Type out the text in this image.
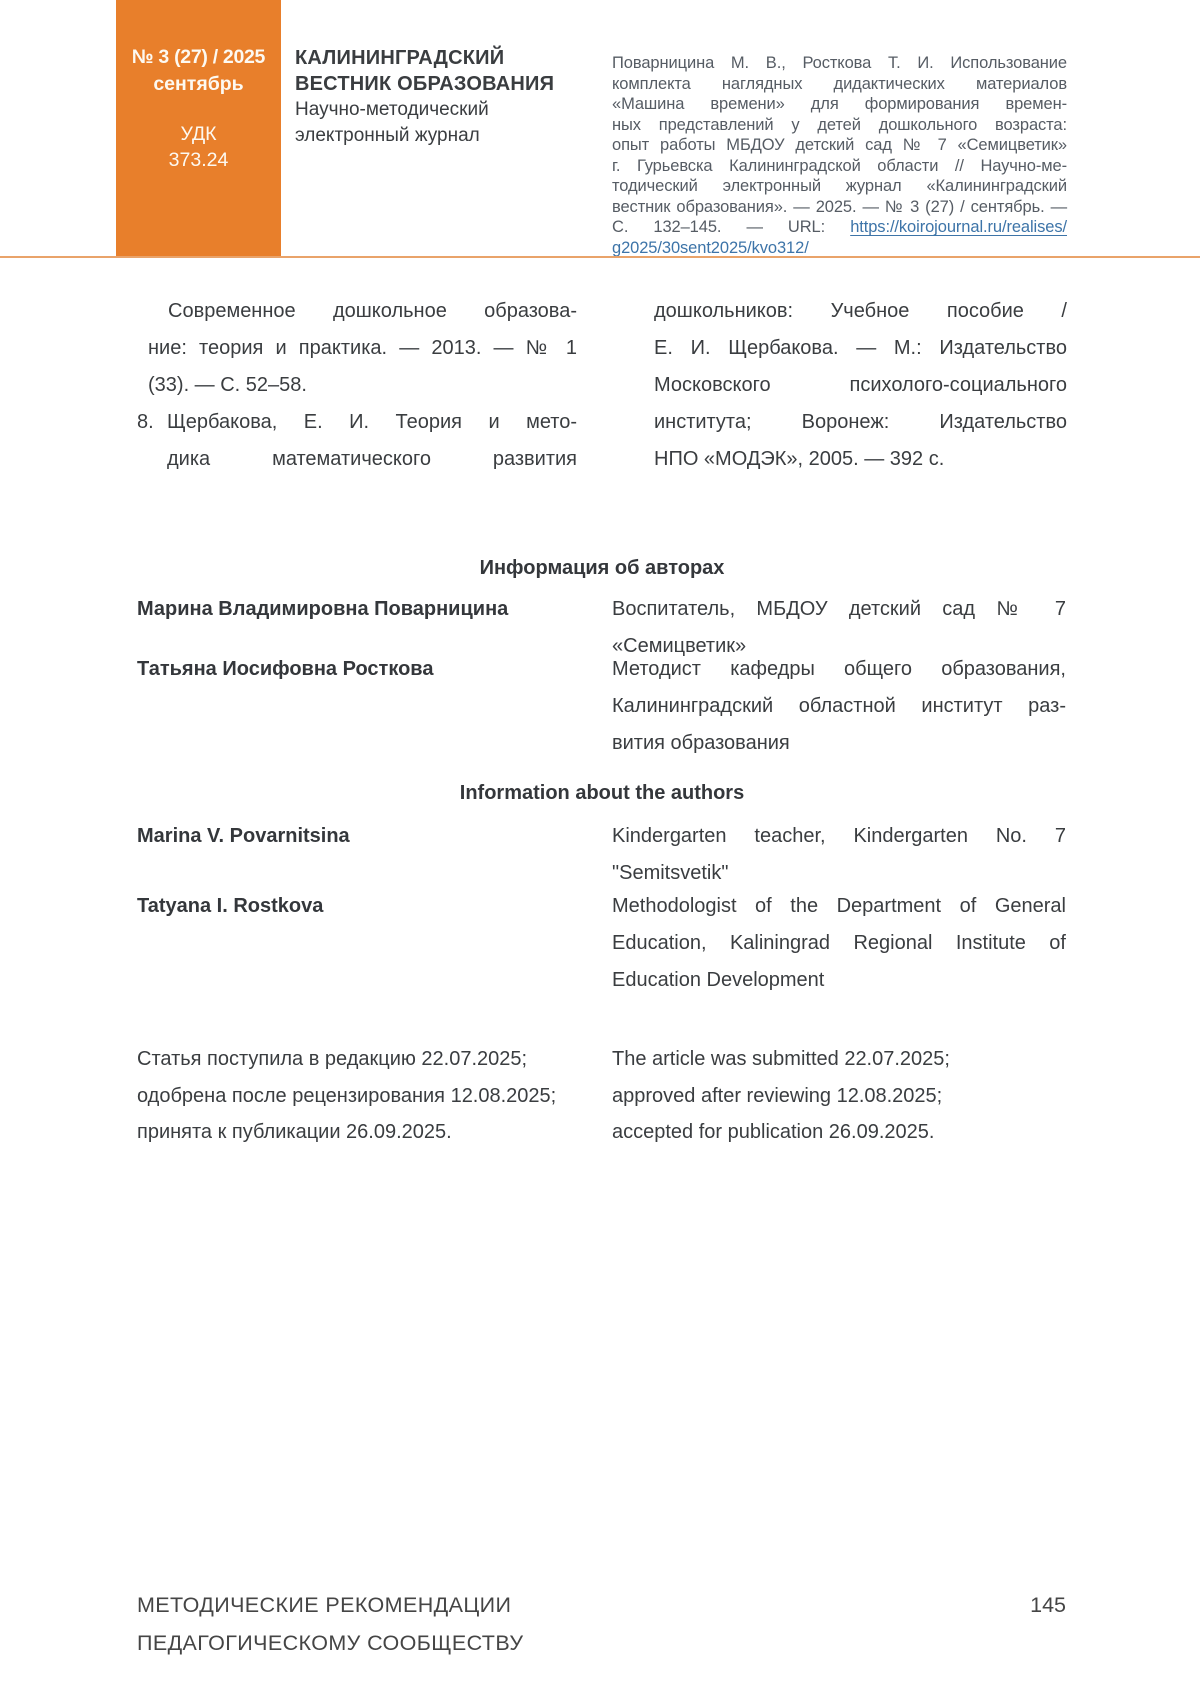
№ 3 (27) / 2025
сентябрь
УДК
373.24
КАЛИНИНГРАДСКИЙ
ВЕСТНИК ОБРАЗОВАНИЯ
Научно-методический
электронный журнал
Поварницина М. В., Росткова Т. И. Использование
комплекта наглядных дидактических материалов
«Машина времени» для формирования времен-
ных представлений у детей дошкольного возраста:
опыт работы МБДОУ детский сад № 7 «Семицветик»
г. Гурьевска Калининградской области // Научно-ме-
тодический электронный журнал «Калининградский
вестник образования». — 2025. — № 3 (27) / сентябрь. —
С. 132–145. — URL: https://koirojournal.ru/realises/
g2025/30sent2025/kvo312/
Современное дошкольное образова-
ние: теория и практика. — 2013. — № 1
(33). — С. 52–58.
8. Щербакова, Е. И. Теория и мето-
дика математического развития
дошкольников: Учебное пособие /
Е. И. Щербакова. — М.: Издательство
Московского психолого-социального
института; Воронеж: Издательство
НПО «МОДЭК», 2005. — 392 с.
Информация об авторах
Марина Владимировна Поварницина	Воспитатель, МБДОУ детский сад № 7
«Семицветик»
Татьяна Иосифовна Росткова	Методист кафедры общего образования,
Калининградский областной институт раз-
вития образования
Information about the authors
Marina V. Povarnitsina	Kindergarten teacher, Kindergarten No. 7
"Semitsvetik"
Tatyana I. Rostkova	Methodologist of the Department of General
Education, Kaliningrad Regional Institute of
Education Development
Статья поступила в редакцию 22.07.2025;
одобрена после рецензирования 12.08.2025;
принята к публикации 26.09.2025.
The article was submitted 22.07.2025;
approved after reviewing 12.08.2025;
accepted for publication 26.09.2025.
МЕТОДИЧЕСКИЕ РЕКОМЕНДАЦИИ
ПЕДАГОГИЧЕСКОМУ СООБЩЕСТВУ
145
